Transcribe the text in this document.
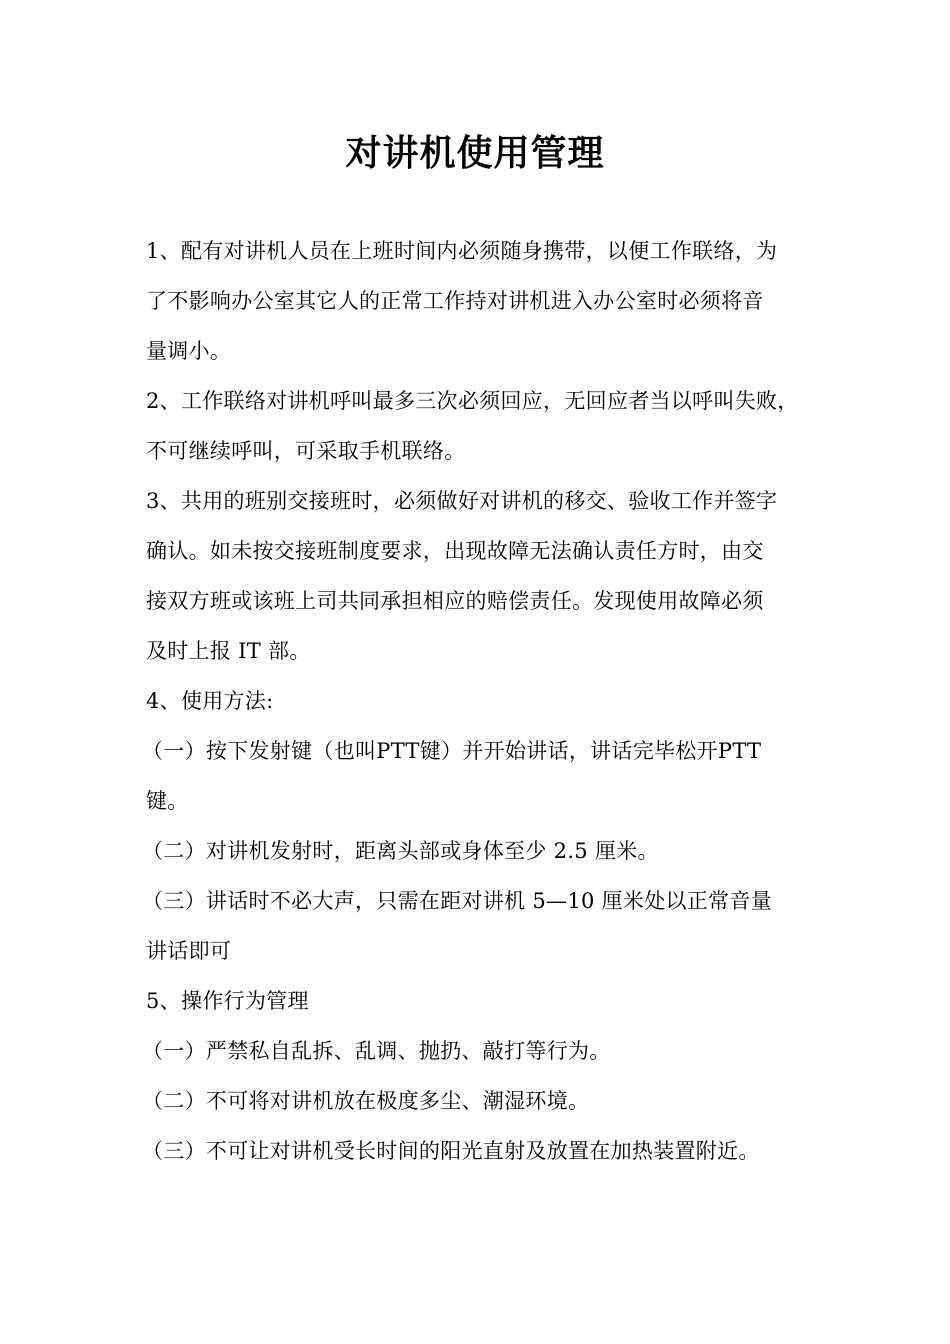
对讲机使用管理
1、配有对讲机人员在上班时间内必须随身携带，以便工作联络，为
了不影响办公室其它人的正常工作持对讲机进入办公室时必须将音
量调小。
2、工作联络对讲机呼叫最多三次必须回应，无回应者当以呼叫失败，
不可继续呼叫，可采取手机联络。
3、共用的班别交接班时，必须做好对讲机的移交、验收工作并签字
确认。如未按交接班制度要求，出现故障无法确认责任方时，由交
接双方班或该班上司共同承担相应的赔偿责任。发现使用故障必须
及时上报 IT 部。
4、使用方法:
（一）按下发射键（也叫PTT键）并开始讲话，讲话完毕松开PTT
键。
（二）对讲机发射时，距离头部或身体至少 2.5 厘米。
（三）讲话时不必大声，只需在距对讲机 5—10 厘米处以正常音量
讲话即可
5、操作行为管理
（一）严禁私自乱拆、乱调、抛扔、敲打等行为。
（二）不可将对讲机放在极度多尘、潮湿环境。
（三）不可让对讲机受长时间的阳光直射及放置在加热装置附近。
